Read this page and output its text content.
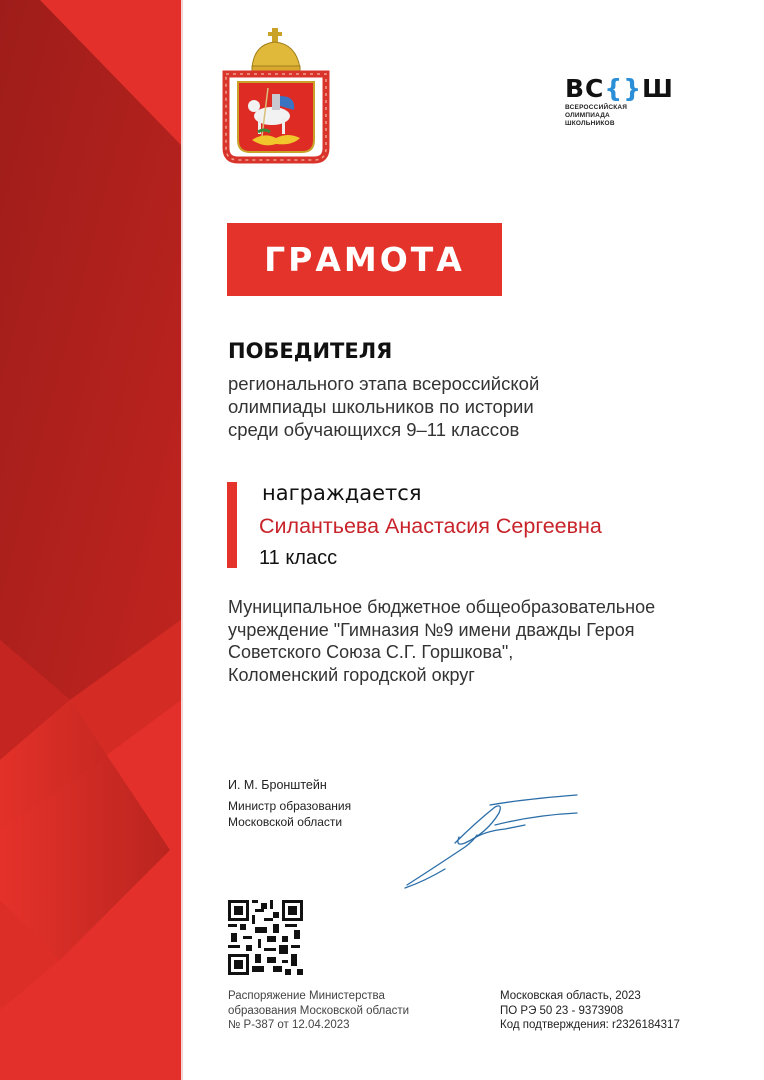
ВС{}Ш
ВСЕРОССИЙСКАЯ
ОЛИМПИАДА
ШКОЛЬНИКОВ
ГРАМОТА
ПОБЕДИТЕЛЯ
регионального этапа всероссийской
олимпиады школьников по истории
среди обучающихся 9–11 классов
награждается
Силантьева Анастасия Сергеевна
11 класс
Муниципальное бюджетное общеобразовательное
учреждение "Гимназия №9 имени дважды Героя
Советского Союза С.Г. Горшкова",
Коломенский городской округ
И. М. Бронштейн
Министр образования
Московской области
Распоряжение Министерства
образования Московской области
№ Р-387 от 12.04.2023
Московская область, 2023
ПО РЭ 50 23 - 9373908
Код подтверждения: r2326184317
